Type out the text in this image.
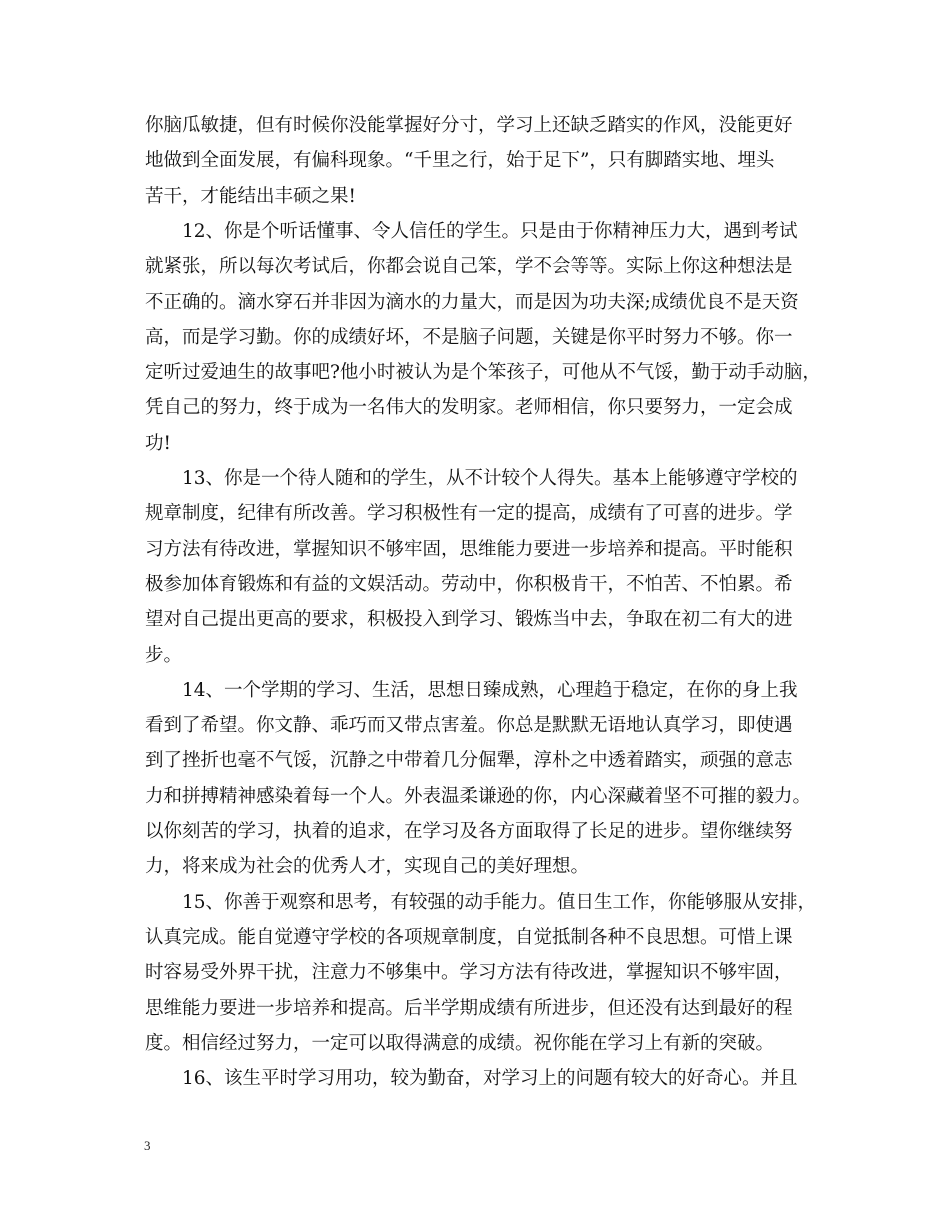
你脑瓜敏捷，但有时候你没能掌握好分寸，学习上还缺乏踏实的作风，没能更好
地做到全面发展，有偏科现象。“千里之行，始于足下”，只有脚踏实地、埋头
苦干，才能结出丰硕之果!
　　12、你是个听话懂事、令人信任的学生。只是由于你精神压力大，遇到考试
就紧张，所以每次考试后，你都会说自己笨，学不会等等。实际上你这种想法是
不正确的。滴水穿石并非因为滴水的力量大，而是因为功夫深;成绩优良不是天资
高，而是学习勤。你的成绩好坏，不是脑子问题，关键是你平时努力不够。你一
定听过爱迪生的故事吧?他小时被认为是个笨孩子，可他从不气馁，勤于动手动脑，
凭自己的努力，终于成为一名伟大的发明家。老师相信，你只要努力，一定会成
功!
　　13、你是一个待人随和的学生，从不计较个人得失。基本上能够遵守学校的
规章制度，纪律有所改善。学习积极性有一定的提高，成绩有了可喜的进步。学
习方法有待改进，掌握知识不够牢固，思维能力要进一步培养和提高。平时能积
极参加体育锻炼和有益的文娱活动。劳动中，你积极肯干，不怕苦、不怕累。希
望对自己提出更高的要求，积极投入到学习、锻炼当中去，争取在初二有大的进
步。
　　14、一个学期的学习、生活，思想日臻成熟，心理趋于稳定，在你的身上我
看到了希望。你文静、乖巧而又带点害羞。你总是默默无语地认真学习，即使遇
到了挫折也毫不气馁，沉静之中带着几分倔犟，淳朴之中透着踏实，顽强的意志
力和拼搏精神感染着每一个人。外表温柔谦逊的你，内心深藏着坚不可摧的毅力。
以你刻苦的学习，执着的追求，在学习及各方面取得了长足的进步。望你继续努
力，将来成为社会的优秀人才，实现自己的美好理想。
　　15、你善于观察和思考，有较强的动手能力。值日生工作，你能够服从安排，
认真完成。能自觉遵守学校的各项规章制度，自觉抵制各种不良思想。可惜上课
时容易受外界干扰，注意力不够集中。学习方法有待改进，掌握知识不够牢固，
思维能力要进一步培养和提高。后半学期成绩有所进步，但还没有达到最好的程
度。相信经过努力，一定可以取得满意的成绩。祝你能在学习上有新的突破。
　　16、该生平时学习用功，较为勤奋，对学习上的问题有较大的好奇心。并且
3
